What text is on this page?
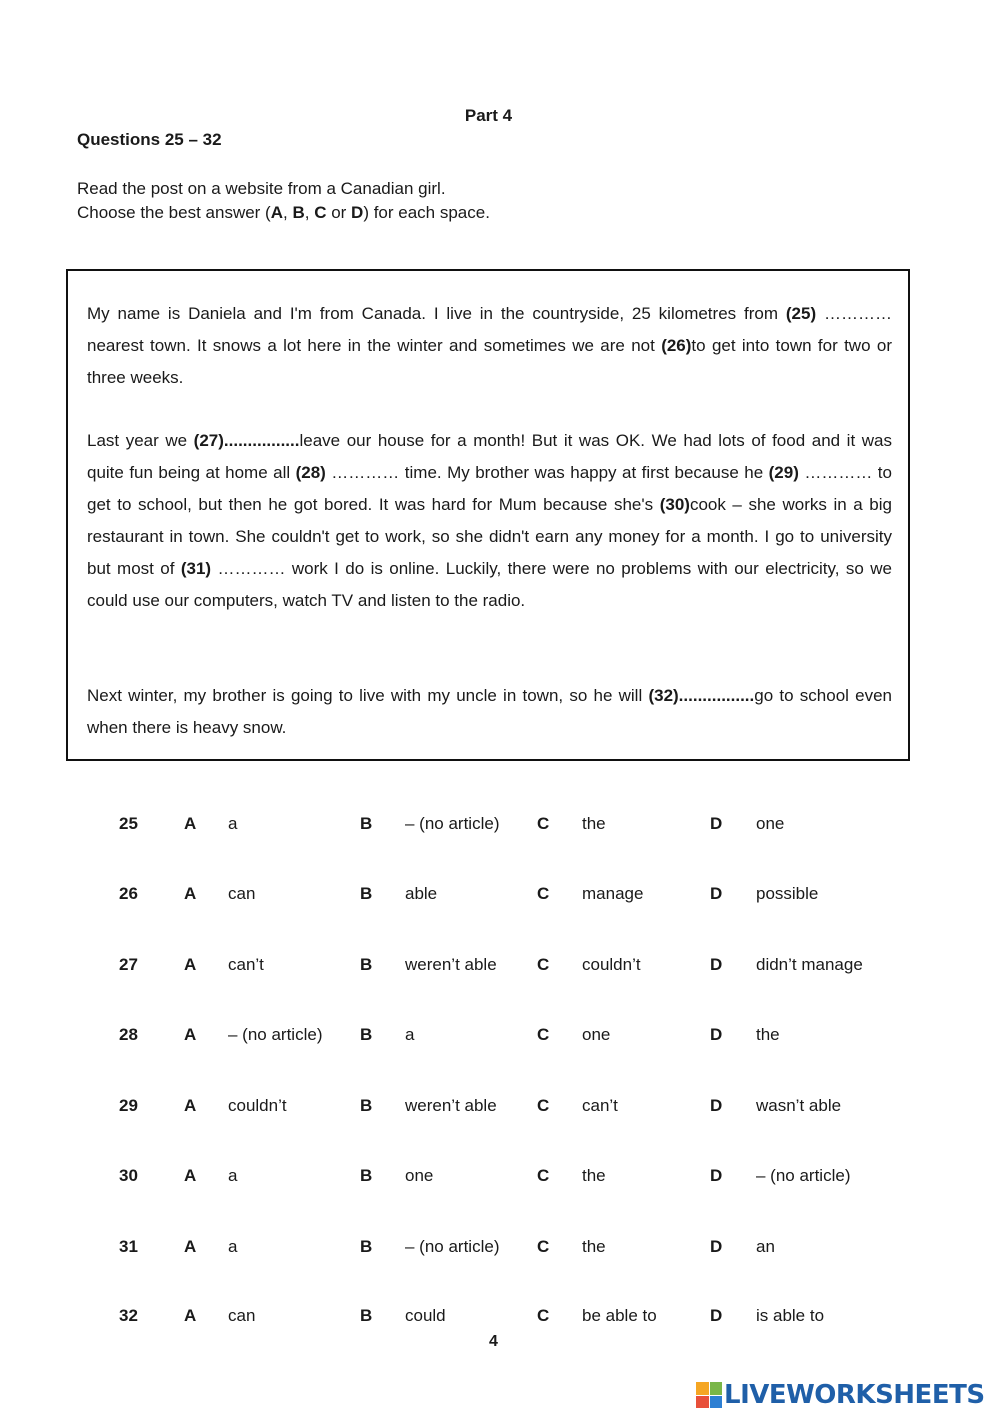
Part 4
Questions 25 – 32
Read the post on a website from a Canadian girl.
Choose the best answer (A, B, C or D) for each space.

My name is Daniela and I'm from Canada. I live in the countryside, 25 kilometres from (25) ………… nearest town. It snows a lot here in the winter and sometimes we are not (26)to get into town for two or three weeks.

Last year we (27)................leave our house for a month! But it was OK. We had lots of food and it was quite fun being at home all (28) ………… time. My brother was happy at first because he (29) ………… to get to school, but then he got bored. It was hard for Mum because she's (30)cook – she works in a big restaurant in town. She couldn't get to work, so she didn't earn any money for a month. I go to university but most of (31) ………… work I do is online. Luckily, there were no problems with our electricity, so we could use our computers, watch TV and listen to the radio.

Next winter, my brother is going to live with my uncle in town, so he will (32)................go to school even when there is heavy snow.

25	A a	B – (no article) C the	D one
26	A can	B able	C manage	D possible
27	A can’t	B weren’t able C couldn’t	D didn’t manage
28	A – (no article) B a	C one	D the
29	A couldn’t	B weren’t able C can’t	D wasn’t able
30	A a	B one	C the	D – (no article)
31	A a	B – (no article) C the	D an
32	A can	B could	C be able to	D is able to
4
LIVEWORKSHEETS
